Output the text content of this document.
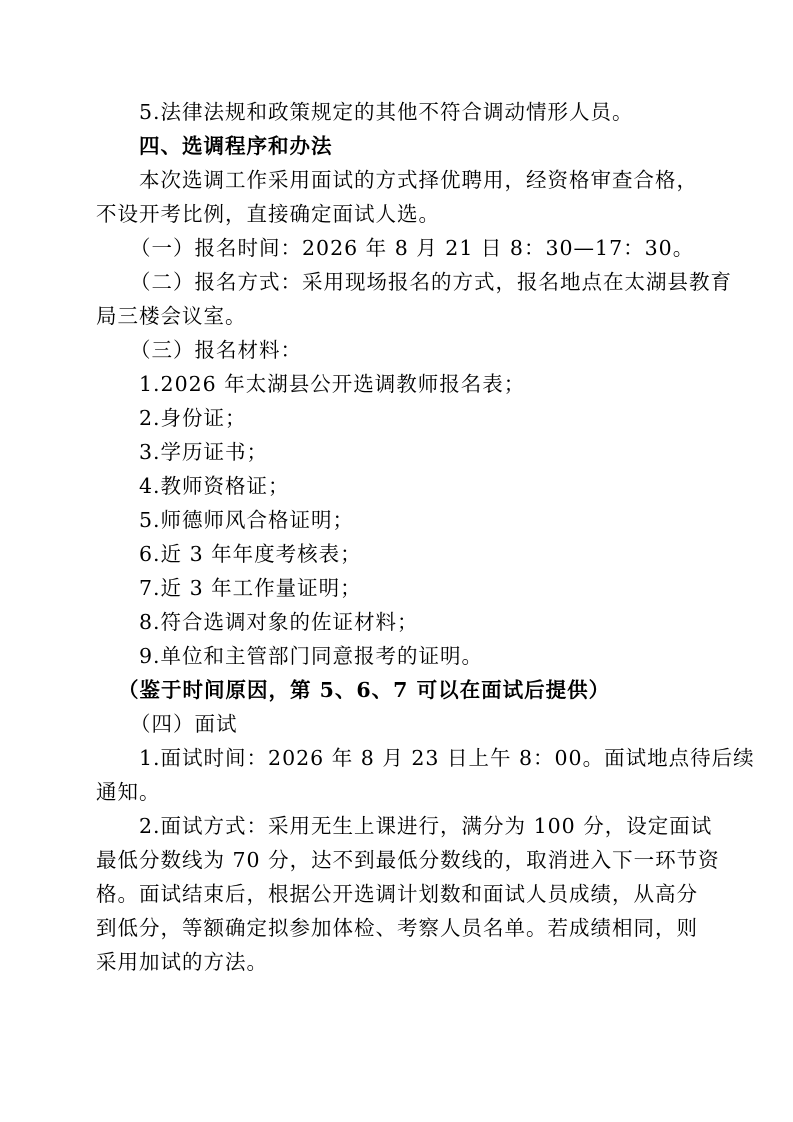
5.法律法规和政策规定的其他不符合调动情形人员。
四、选调程序和办法
本次选调工作采用面试的方式择优聘用，经资格审查合格，
不设开考比例，直接确定面试人选。
（一）报名时间：2026 年 8 月 21 日 8：30—17：30。
（二）报名方式：采用现场报名的方式，报名地点在太湖县教育
局三楼会议室。
（三）报名材料：
1.2026 年太湖县公开选调教师报名表；
2.身份证；
3.学历证书；
4.教师资格证；
5.师德师风合格证明；
6.近 3 年年度考核表；
7.近 3 年工作量证明；
8.符合选调对象的佐证材料；
9.单位和主管部门同意报考的证明。
（鉴于时间原因，第 5、6、7 可以在面试后提供）
（四）面试
1.面试时间：2026 年 8 月 23 日上午 8：00。面试地点待后续
通知。
2.面试方式：采用无生上课进行，满分为 100 分，设定面试
最低分数线为 70 分，达不到最低分数线的，取消进入下一环节资
格。面试结束后，根据公开选调计划数和面试人员成绩，从高分
到低分，等额确定拟参加体检、考察人员名单。若成绩相同，则
采用加试的方法。
